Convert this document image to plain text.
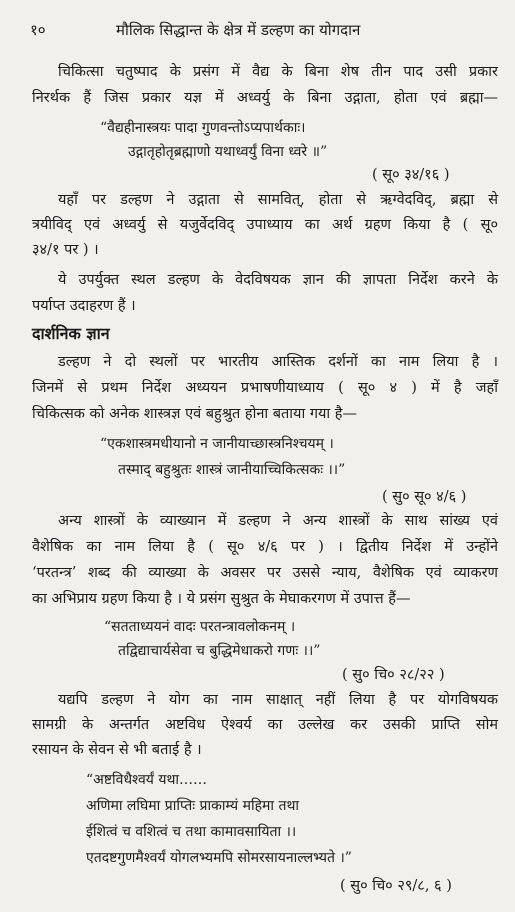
१०	मौलिक सिद्धान्त के क्षेत्र में डल्हण का योगदान
चिकित्सा चतुष्पाद के प्रसंग में वैद्य के बिना शेष तीन पाद उसी प्रकार
निरर्थक हैं जिस प्रकार यज्ञ में अध्वर्यु के बिना उद्गाता, होता एवं ब्रह्मा—
“वैद्यहीनास्त्रयः पादा गुणवन्तोऽप्यपार्थकाः।
उद्गातृहोतृब्रह्माणो यथाध्वर्युं विना ध्वरे ॥”
( सू० ३४/१६ )
यहाँ पर डल्हण ने उद्गाता से सामवित्, होता से ऋग्वेदविद्, ब्रह्मा से
त्रयीविद् एवं अध्वर्यु से यजुर्वेदविद् उपाध्याय का अर्थ ग्रहण किया है ( सू०
३४/१ पर ) ।
ये उपर्युक्त स्थल डल्हण के वेदविषयक ज्ञान की ज्ञापता निर्देश करने के
पर्याप्त उदाहरण हैं ।
दार्शनिक ज्ञान
डल्हण ने दो स्थलों पर भारतीय आस्तिक दर्शनों का नाम लिया है ।
जिनमें से प्रथम निर्देश अध्ययन प्रभाषणीयाध्याय ( सू० ४ ) में है जहाँ
चिकित्सक को अनेक शास्त्रज्ञ एवं बहुश्रुत होना बताया गया है—
“एकशास्त्रमधीयानो न जानीयाच्छास्त्रनिश्चयम् ।
तस्माद् बहुश्रुतः शास्त्रं जानीयाच्चिकित्सकः ।।”
( सु० सू० ४/६ )
अन्य शास्त्रों के व्याख्यान में डल्हण ने अन्य शास्त्रों के साथ सांख्य एवं
वैशेषिक का नाम लिया है ( सू० ४/६ पर ) । द्वितीय निर्देश में उन्होंने
‘परतन्त्र’ शब्द की व्याख्या के अवसर पर उससे न्याय, वैशेषिक एवं व्याकरण
का अभिप्राय ग्रहण किया है । ये प्रसंग सुश्रुत के मेघाकरगण में उपात्त हैं—
“सतताध्ययनं वादः परतन्त्रावलोकनम् ।
तद्विद्याचार्यसेवा च बुद्धिमेधाकरो गणः ।।”
( सु० चि० २८/२२ )
यद्यपि डल्हण ने योग का नाम साक्षात् नहीं लिया है पर योगविषयक
सामग्री के अन्तर्गत अष्टविध ऐश्वर्य का उल्लेख कर उसकी प्राप्ति सोम
रसायन के सेवन से भी बताई है ।
“अष्टविधैश्वर्यं यथा……
अणिमा लघिमा प्राप्तिः प्राकाम्यं महिमा तथा
ईशित्वं च वशित्वं च तथा कामावसायिता ।।
एतदष्टगुणमैश्वर्यं योगलभ्यमपि सोमरसायनाल्लभ्यते ।”
( सु० चि० २९/८, ६ )
